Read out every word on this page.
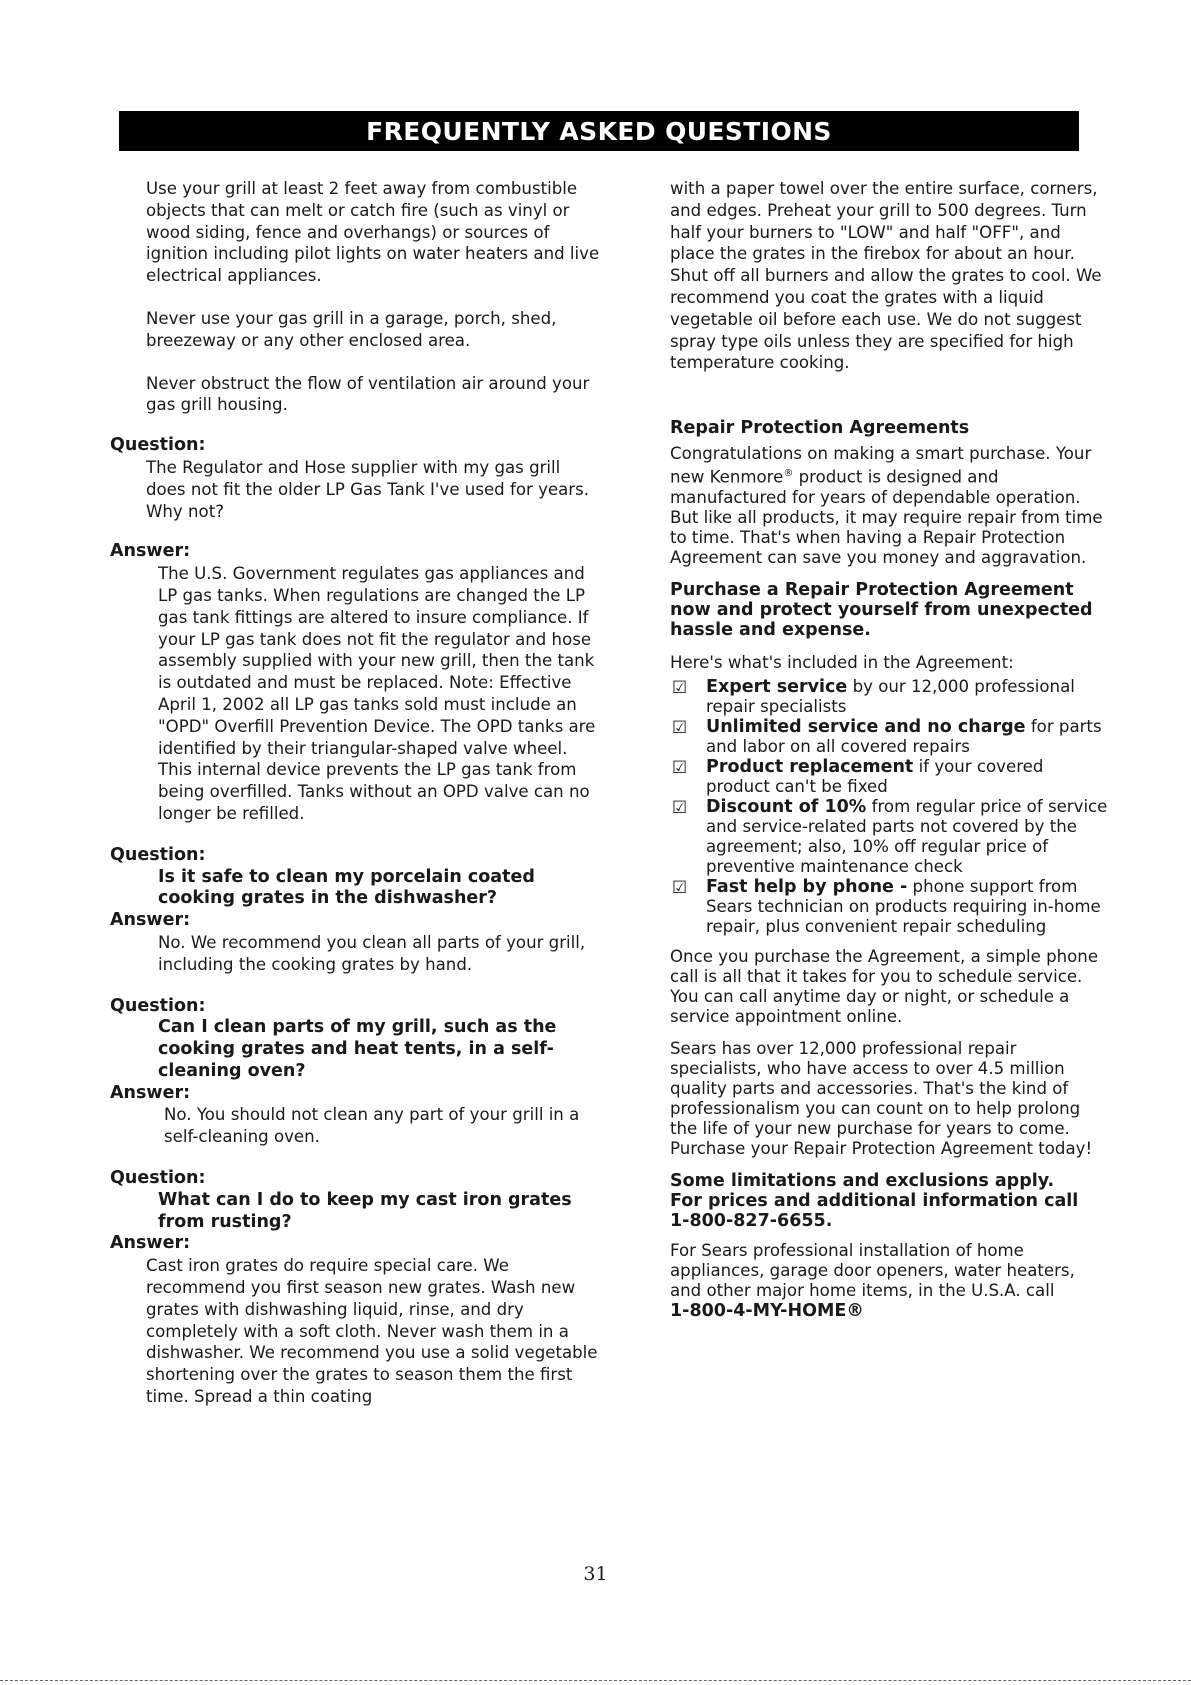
FREQUENTLY ASKED QUESTIONS

Use your grill at least 2 feet away from combustible objects that can melt or catch fire (such as vinyl or wood siding, fence and overhangs) or sources of ignition including pilot lights on water heaters and live electrical appliances.

Never use your gas grill in a garage, porch, shed, breezeway or any other enclosed area.

Never obstruct the flow of ventilation air around your gas grill housing.

Question:

The Regulator and Hose supplier with my gas grill does not fit the older LP Gas Tank I've used for years. Why not?

Answer:

The U.S. Government regulates gas appliances and LP gas tanks. When regulations are changed the LP gas tank fittings are altered to insure compliance. If your LP gas tank does not fit the regulator and hose assembly supplied with your new grill, then the tank is outdated and must be replaced. Note: Effective April 1, 2002 all LP gas tanks sold must include an "OPD" Overfill Prevention Device. The OPD tanks are identified by their triangular-shaped valve wheel. This internal device prevents the LP gas tank from being overfilled. Tanks without an OPD valve can no longer be refilled.

Question:

Is it safe to clean my porcelain coated cooking grates in the dishwasher?

Answer:

No. We recommend you clean all parts of your grill, including the cooking grates by hand.

Question:

Can I clean parts of my grill, such as the cooking grates and heat tents, in a self-cleaning oven?

Answer:

No. You should not clean any part of your grill in a self-cleaning oven.

Question:

What can I do to keep my cast iron grates from rusting?

Answer:

Cast iron grates do require special care. We recommend you first season new grates. Wash new grates with dishwashing liquid, rinse, and dry completely with a soft cloth. Never wash them in a dishwasher. We recommend you use a solid vegetable shortening over the grates to season them the first time. Spread a thin coating

with a paper towel over the entire surface, corners, and edges. Preheat your grill to 500 degrees. Turn half your burners to "LOW" and half "OFF", and place the grates in the firebox for about an hour. Shut off all burners and allow the grates to cool. We recommend you coat the grates with a liquid vegetable oil before each use. We do not suggest spray type oils unless they are specified for high temperature cooking.

Repair Protection Agreements

Congratulations on making a smart purchase. Your new Kenmore® product is designed and manufactured for years of dependable operation. But like all products, it may require repair from time to time. That's when having a Repair Protection Agreement can save you money and aggravation.

Purchase a Repair Protection Agreement now and protect yourself from unexpected hassle and expense.

Here's what's included in the Agreement:

☑ Expert service by our 12,000 professional repair specialists
☑ Unlimited service and no charge for parts and labor on all covered repairs
☑ Product replacement if your covered product can't be fixed
☑ Discount of 10% from regular price of service and service-related parts not covered by the agreement; also, 10% off regular price of preventive maintenance check
☑ Fast help by phone - phone support from Sears technician on products requiring in-home repair, plus convenient repair scheduling

Once you purchase the Agreement, a simple phone call is all that it takes for you to schedule service. You can call anytime day or night, or schedule a service appointment online.

Sears has over 12,000 professional repair specialists, who have access to over 4.5 million quality parts and accessories. That's the kind of professionalism you can count on to help prolong the life of your new purchase for years to come. Purchase your Repair Protection Agreement today!

Some limitations and exclusions apply.

For prices and additional information call

1-800-827-6655.

For Sears professional installation of home appliances, garage door openers, water heaters, and other major home items, in the U.S.A. call

1-800-4-MY-HOME®

31
